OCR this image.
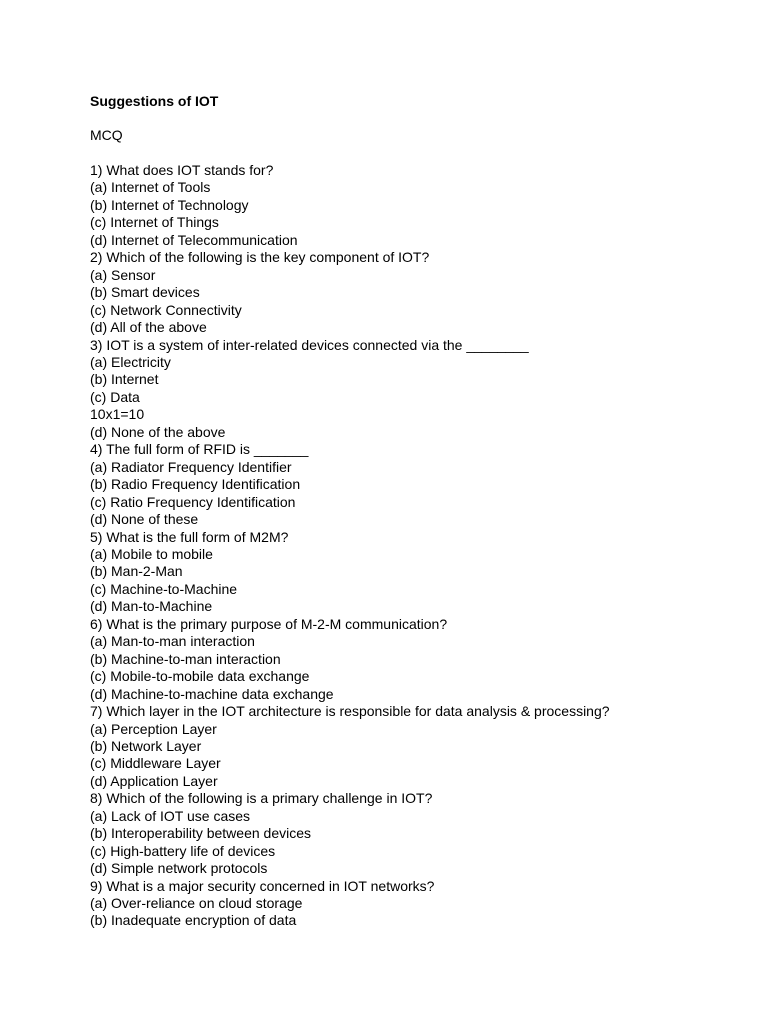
Suggestions of IOT

MCQ

1) What does IOT stands for?
(a) Internet of Tools
(b) Internet of Technology
(c) Internet of Things
(d) Internet of Telecommunication
2) Which of the following is the key component of IOT?
(a) Sensor
(b) Smart devices
(c) Network Connectivity
(d) All of the above
3) IOT is a system of inter-related devices connected via the ________
(a) Electricity
(b) Internet
(c) Data
10x1=10
(d) None of the above
4) The full form of RFID is _______
(a) Radiator Frequency Identifier
(b) Radio Frequency Identification
(c) Ratio Frequency Identification
(d) None of these
5) What is the full form of M2M?
(a) Mobile to mobile
(b) Man-2-Man
(c) Machine-to-Machine
(d) Man-to-Machine
6) What is the primary purpose of M-2-M communication?
(a) Man-to-man interaction
(b) Machine-to-man interaction
(c) Mobile-to-mobile data exchange
(d) Machine-to-machine data exchange
7) Which layer in the IOT architecture is responsible for data analysis & processing?
(a) Perception Layer
(b) Network Layer
(c) Middleware Layer
(d) Application Layer
8) Which of the following is a primary challenge in IOT?
(a) Lack of IOT use cases
(b) Interoperability between devices
(c) High-battery life of devices
(d) Simple network protocols
9) What is a major security concerned in IOT networks?
(a) Over-reliance on cloud storage
(b) Inadequate encryption of data
